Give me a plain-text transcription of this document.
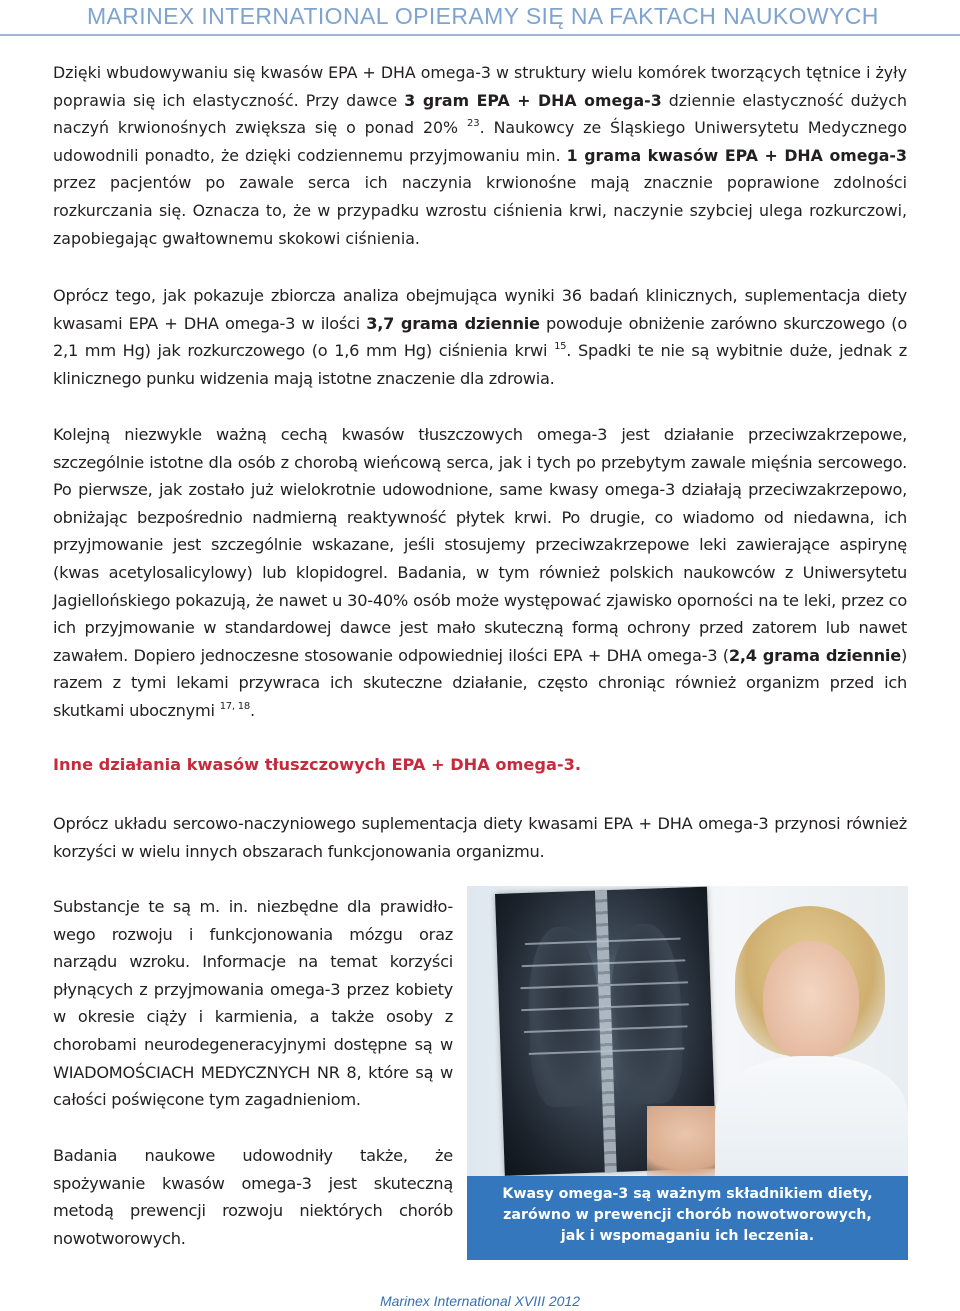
MARINEX INTERNATIONAL OPIERAMY SIĘ NA FAKTACH NAUKOWYCH

Dzięki wbudowywaniu się kwasów EPA + DHA omega-3 w struktury wielu komórek tworzących tętnice i żyły poprawia się ich elastyczność. Przy dawce 3 gram EPA + DHA omega-3 dziennie elastyczność dużych naczyń krwionośnych zwiększa się o ponad 20% $^{23}$. Naukowcy ze Śląskiego Uniwersytetu Medycznego udowodnili ponadto, że dzięki codziennemu przyjmowaniu min. 1 grama kwasów EPA + DHA omega-3 przez pacjentów po zawale serca ich naczynia krwionośne mają znacznie poprawione zdolności rozkurczania się. Oznacza to, że w przypadku wzrostu ciśnienia krwi, naczynie szybciej ulega rozkurczowi, zapobiegając gwałtownemu skokowi ciśnienia.

Oprócz tego, jak pokazuje zbiorcza analiza obejmująca wyniki 36 badań klinicznych, suplementacja diety kwasami EPA + DHA omega-3 w ilości 3,7 grama dziennie powoduje obniżenie zarówno skurczowego (o 2,1 mm Hg) jak rozkurczowego (o 1,6 mm Hg) ciśnienia krwi $^{15}$. Spadki te nie są wybitnie duże, jednak z klinicznego punku widzenia mają istotne znaczenie dla zdrowia.

Kolejną niezwykle ważną cechą kwasów tłuszczowych omega-3 jest działanie przeciwzakrzepowe, szczególnie istotne dla osób z chorobą wieńcową serca, jak i tych po przebytym zawale mięśnia sercowego. Po pierwsze, jak zostało już wielokrotnie udowodnione, same kwasy omega-3 działają przeciwzakrzepowo, obniżając bezpośrednio nadmierną reaktywność płytek krwi. Po drugie, co wiadomo od niedawna, ich przyjmowanie jest szczególnie wskazane, jeśli stosujemy przeciwzakrzepowe leki zawierające aspirynę (kwas acetylosalicylowy) lub klopidogrel. Badania, w tym również polskich naukowców z Uniwersytetu Jagiellońskiego pokazują, że nawet u 30-40% osób może występować zjawisko oporności na te leki, przez co ich przyjmowanie w standardowej dawce jest mało skuteczną formą ochrony przed zatorem lub nawet zawałem. Dopiero jednoczesne stosowanie odpowiedniej ilości EPA + DHA omega-3 (2,4 grama dziennie) razem z tymi lekami przywraca ich skuteczne działanie, często chroniąc również organizm przed ich skutkami ubocznymi $^{17, 18}$.

Inne działania kwasów tłuszczowych EPA + DHA omega-3.

Oprócz układu sercowo-naczyniowego suplementacja diety kwasami EPA + DHA omega-3 przynosi również korzyści w wielu innych obszarach funkcjonowania organizmu.

Substancje te są m. in. niezbędne dla prawidło-wego rozwoju i funkcjonowania mózgu oraz narządu wzroku. Informacje na temat korzyści płynących z przyjmowania omega-3 przez kobiety w okresie ciąży i karmienia, a także osoby z chorobami neurodegeneracyjnymi dostępne są w WIADOMOŚCIACH MEDYCZNYCH NR 8, które są w całości poświęcone tym zagadnieniom.

Badania naukowe udowodniły także, że spożywanie kwasów omega-3 jest skuteczną metodą prewencji rozwoju niektórych chorób nowotworowych.

Kwasy omega-3 są ważnym składnikiem diety,
zarówno w prewencji chorób nowotworowych,
jak i wspomaganiu ich leczenia.
Marinex International XVIII 2012
